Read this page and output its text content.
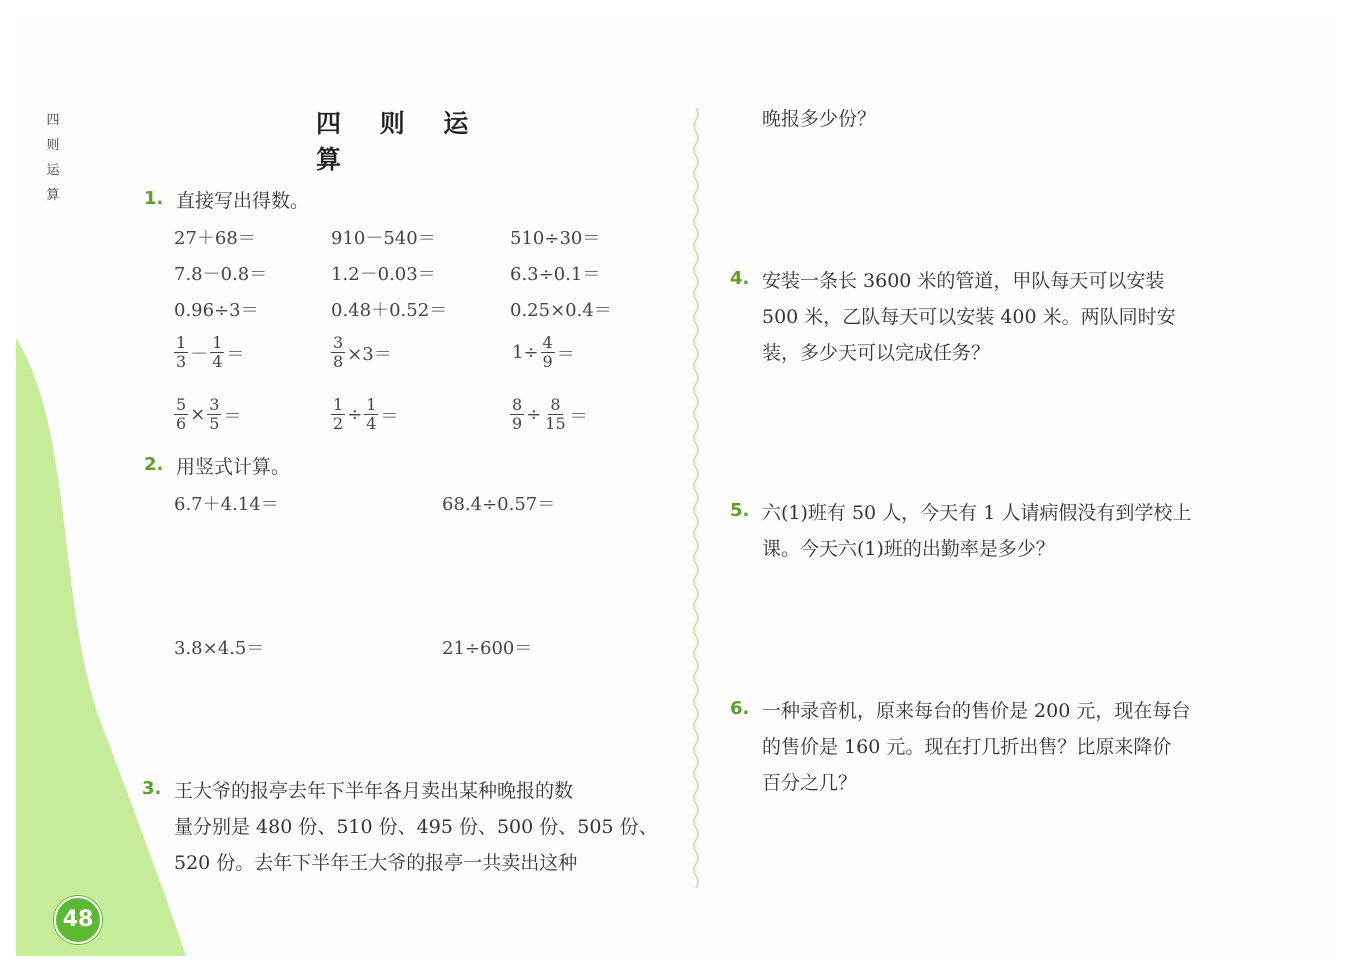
四
则
运
算
四 则 运 算
1. 直接写出得数。
27＋68＝	910－540＝	510÷30＝
7.8－0.8＝	1.2－0.03＝	6.3÷0.1＝
0.96÷3＝	0.48＋0.52＝	0.25×0.4＝
$\frac{1}{3} - \frac{1}{4}$ ＝	$\frac{3}{8} \times 3=$	$1\div \frac{4}{9}$ ＝
$\frac{5}{6} \times \frac{3}{5}$ ＝	$\frac{1}{2} \div \frac{1}{4}$ ＝	$\frac{8}{9} \div \frac{8}{15}$ ＝
2. 用竖式计算。
6.7＋4.14＝	68.4÷0.57＝
3.8×4.5＝	21÷600＝
3. 王大爷的报亭去年下半年各月卖出某种晚报的数
量分别是 480 份、510 份、495 份、500 份、505 份、
520 份。去年下半年王大爷的报亭一共卖出这种
晚报多少份？
4. 安装一条长 3600 米的管道，甲队每天可以安装
500 米，乙队每天可以安装 400 米。两队同时安
装，多少天可以完成任务？
5. 六(1)班有 50 人，今天有 1 人请病假没有到学校上
课。今天六(1)班的出勤率是多少？
6. 一种录音机，原来每台的售价是 200 元，现在每台
的售价是 160 元。现在打几折出售？比原来降价
百分之几？
48
